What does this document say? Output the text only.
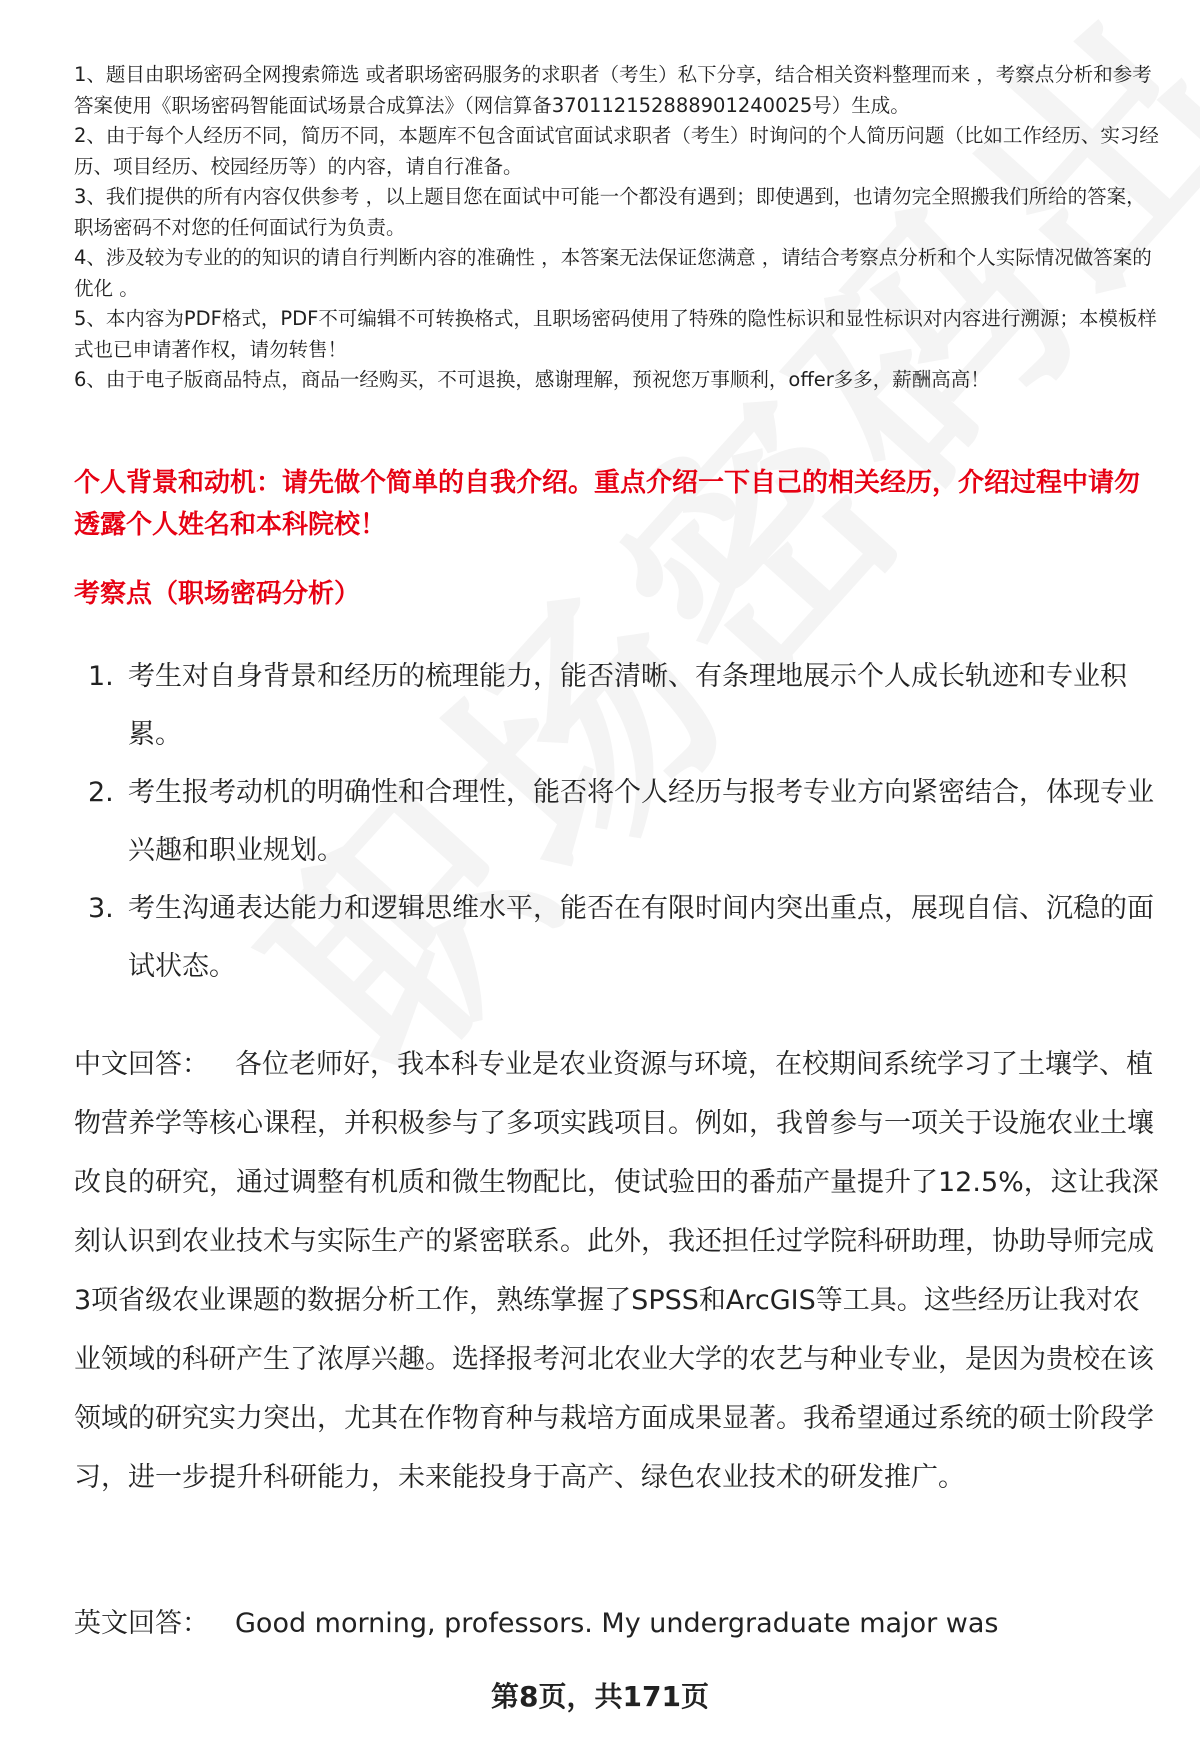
1、题目由职场密码全网搜索筛选 或者职场密码服务的求职者（考生）私下分享，结合相关资料整理而来 ，考察点分析和参考答案使用《职场密码智能面试场景合成算法》（网信算备370112152888901240025号）生成。

2、由于每个人经历不同，简历不同，本题库不包含面试官面试求职者（考生）时询问的个人简历问题（比如工作经历、实习经历、项目经历、校园经历等）的内容，请自行准备。

3、我们提供的所有内容仅供参考 ，以上题目您在面试中可能一个都没有遇到；即使遇到，也请勿完全照搬我们所给的答案，职场密码不对您的任何面试行为负责。

4、涉及较为专业的的知识的请自行判断内容的准确性 ，本答案无法保证您满意 ，请结合考察点分析和个人实际情况做答案的优化 。

5、本内容为PDF格式，PDF不可编辑不可转换格式，且职场密码使用了特殊的隐性标识和显性标识对内容进行溯源；本模板样式也已申请著作权，请勿转售！

6、由于电子版商品特点，商品一经购买，不可退换，感谢理解，预祝您万事顺利，offer多多，薪酬高高！

个人背景和动机：请先做个简单的自我介绍。重点介绍一下自己的相关经历，介绍过程中请勿透露个人姓名和本科院校！

考察点（职场密码分析）

1. 考生对自身背景和经历的梳理能力，能否清晰、有条理地展示个人成长轨迹和专业积累。
2. 考生报考动机的明确性和合理性，能否将个人经历与报考专业方向紧密结合，体现专业兴趣和职业规划。
3. 考生沟通表达能力和逻辑思维水平，能否在有限时间内突出重点，展现自信、沉稳的面试状态。

中文回答： 各位老师好，我本科专业是农业资源与环境，在校期间系统学习了土壤学、植物营养学等核心课程，并积极参与了多项实践项目。例如，我曾参与一项关于设施农业土壤改良的研究，通过调整有机质和微生物配比，使试验田的番茄产量提升了12.5%，这让我深刻认识到农业技术与实际生产的紧密联系。此外，我还担任过学院科研助理，协助导师完成3项省级农业课题的数据分析工作，熟练掌握了SPSS和ArcGIS等工具。这些经历让我对农业领域的科研产生了浓厚兴趣。选择报考河北农业大学的农艺与种业专业，是因为贵校在该领域的研究实力突出，尤其在作物育种与栽培方面成果显著。我希望通过系统的硕士阶段学习，进一步提升科研能力，未来能投身于高产、绿色农业技术的研发推广。

英文回答： Good morning, professors. My undergraduate major was

第8页，共171页
